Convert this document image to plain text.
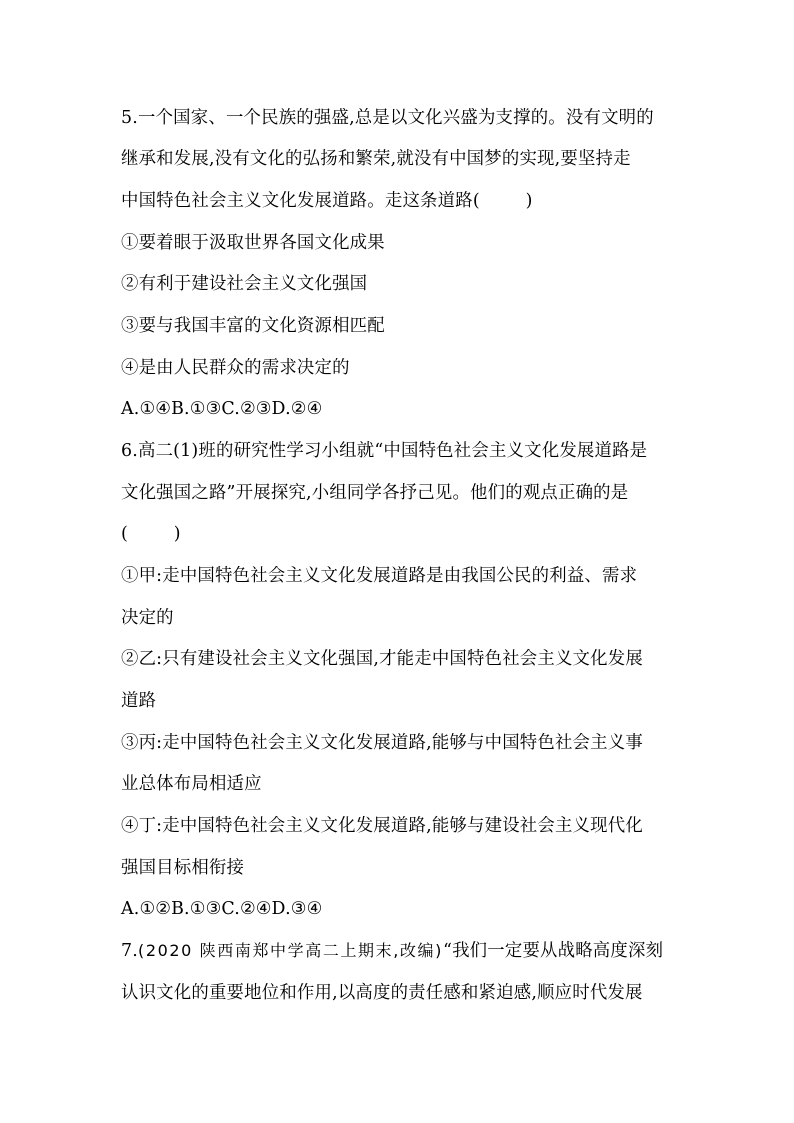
5.一个国家、一个民族的强盛,总是以文化兴盛为支撑的。没有文明的
继承和发展,没有文化的弘扬和繁荣,就没有中国梦的实现,要坚持走
中国特色社会主义文化发展道路。走这条道路(        )
①要着眼于汲取世界各国文化成果
②有利于建设社会主义文化强国
③要与我国丰富的文化资源相匹配
④是由人民群众的需求决定的
A.①④B.①③C.②③D.②④
6.高二(1)班的研究性学习小组就“中国特色社会主义文化发展道路是
文化强国之路”开展探究,小组同学各抒己见。他们的观点正确的是
(        )
①甲:走中国特色社会主义文化发展道路是由我国公民的利益、需求
决定的
②乙:只有建设社会主义文化强国,才能走中国特色社会主义文化发展
道路
③丙:走中国特色社会主义文化发展道路,能够与中国特色社会主义事
业总体布局相适应
④丁:走中国特色社会主义文化发展道路,能够与建设社会主义现代化
强国目标相衔接
A.①②B.①③C.②④D.③④
7.(2020 陕西南郑中学高二上期末,改编)“我们一定要从战略高度深刻
认识文化的重要地位和作用,以高度的责任感和紧迫感,顺应时代发展
